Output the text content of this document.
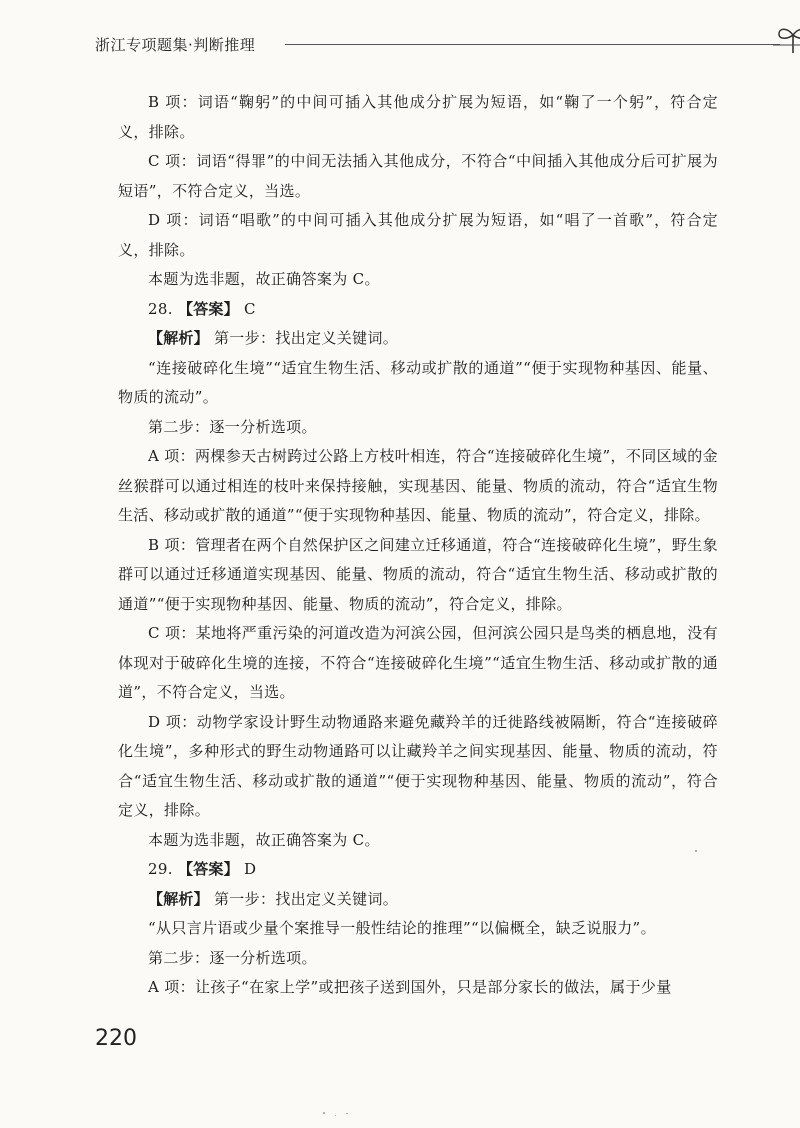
浙江专项题集·判断推理

B 项：词语“鞠躬”的中间可插入其他成分扩展为短语，如“鞠了一个躬”，符合定义，排除。

C 项：词语“得罪”的中间无法插入其他成分，不符合“中间插入其他成分后可扩展为短语”，不符合定义，当选。

D 项：词语“唱歌”的中间可插入其他成分扩展为短语，如“唱了一首歌”，符合定义，排除。

本题为选非题，故正确答案为 C。

28. 【答案】 C

【解析】 第一步：找出定义关键词。

“连接破碎化生境”“适宜生物生活、移动或扩散的通道”“便于实现物种基因、能量、物质的流动”。

第二步：逐一分析选项。

A 项：两棵参天古树跨过公路上方枝叶相连，符合“连接破碎化生境”，不同区域的金丝猴群可以通过相连的枝叶来保持接触，实现基因、能量、物质的流动，符合“适宜生物生活、移动或扩散的通道”“便于实现物种基因、能量、物质的流动”，符合定义，排除。

B 项：管理者在两个自然保护区之间建立迁移通道，符合“连接破碎化生境”，野生象群可以通过迁移通道实现基因、能量、物质的流动，符合“适宜生物生活、移动或扩散的通道”“便于实现物种基因、能量、物质的流动”，符合定义，排除。

C 项：某地将严重污染的河道改造为河滨公园，但河滨公园只是鸟类的栖息地，没有体现对于破碎化生境的连接，不符合“连接破碎化生境”“适宜生物生活、移动或扩散的通道”，不符合定义，当选。

D 项：动物学家设计野生动物通路来避免藏羚羊的迁徙路线被隔断，符合“连接破碎化生境”，多种形式的野生动物通路可以让藏羚羊之间实现基因、能量、物质的流动，符合“适宜生物生活、移动或扩散的通道”“便于实现物种基因、能量、物质的流动”，符合定义，排除。

本题为选非题，故正确答案为 C。

29. 【答案】 D

【解析】 第一步：找出定义关键词。

“从只言片语或少量个案推导一般性结论的推理”“以偏概全，缺乏说服力”。

第二步：逐一分析选项。

A 项：让孩子“在家上学”或把孩子送到国外，只是部分家长的做法，属于少量

220
